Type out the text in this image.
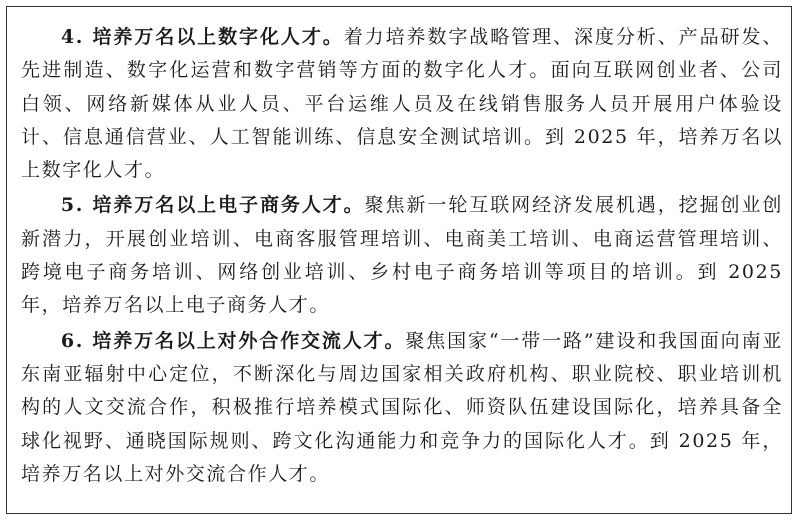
4. 培养万名以上数字化人才。着力培养数字战略管理、深度分析、产品研发、先进制造、数字化运营和数字营销等方面的数字化人才。面向互联网创业者、公司白领、网络新媒体从业人员、平台运维人员及在线销售服务人员开展用户体验设计、信息通信营业、人工智能训练、信息安全测试培训。到 2025 年，培养万名以上数字化人才。

5. 培养万名以上电子商务人才。聚焦新一轮互联网经济发展机遇，挖掘创业创新潜力，开展创业培训、电商客服管理培训、电商美工培训、电商运营管理培训、跨境电子商务培训、网络创业培训、乡村电子商务培训等项目的培训。到 2025 年，培养万名以上电子商务人才。

6. 培养万名以上对外合作交流人才。聚焦国家“一带一路”建设和我国面向南亚东南亚辐射中心定位，不断深化与周边国家相关政府机构、职业院校、职业培训机构的人文交流合作，积极推行培养模式国际化、师资队伍建设国际化，培养具备全球化视野、通晓国际规则、跨文化沟通能力和竞争力的国际化人才。到 2025 年，培养万名以上对外交流合作人才。
